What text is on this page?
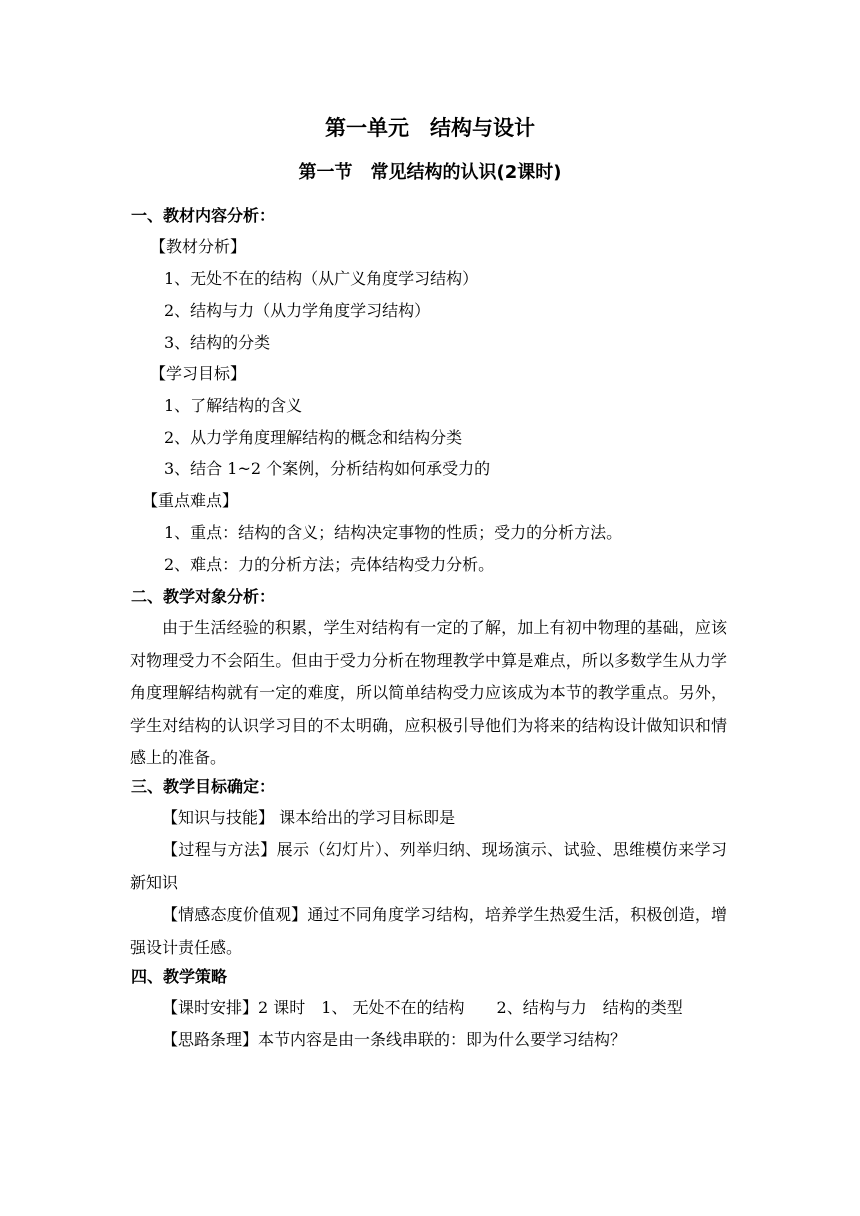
第一单元　结构与设计
第一节　常见结构的认识(2课时)
一、教材内容分析：
【教材分析】
1、无处不在的结构（从广义角度学习结构）
2、结构与力（从力学角度学习结构）
3、结构的分类
【学习目标】
1、了解结构的含义
2、从力学角度理解结构的概念和结构分类
3、结合 1~2 个案例，分析结构如何承受力的
【重点难点】
1、重点：结构的含义；结构决定事物的性质；受力的分析方法。
2、难点：力的分析方法；壳体结构受力分析。
二、教学对象分析：
由于生活经验的积累，学生对结构有一定的了解，加上有初中物理的基础，应该对物理受力不会陌生。但由于受力分析在物理教学中算是难点，所以多数学生从力学角度理解结构就有一定的难度，所以简单结构受力应该成为本节的教学重点。另外，学生对结构的认识学习目的不太明确，应积极引导他们为将来的结构设计做知识和情感上的准备。
三、教学目标确定：
【知识与技能】 课本给出的学习目标即是
【过程与方法】展示（幻灯片）、列举归纳、现场演示、试验、思维模仿来学习新知识
【情感态度价值观】通过不同角度学习结构，培养学生热爱生活，积极创造，增强设计责任感。
四、教学策略
【课时安排】2 课时　1、 无处不在的结构　　2、结构与力　结构的类型
【思路条理】本节内容是由一条线串联的：即为什么要学习结构？
